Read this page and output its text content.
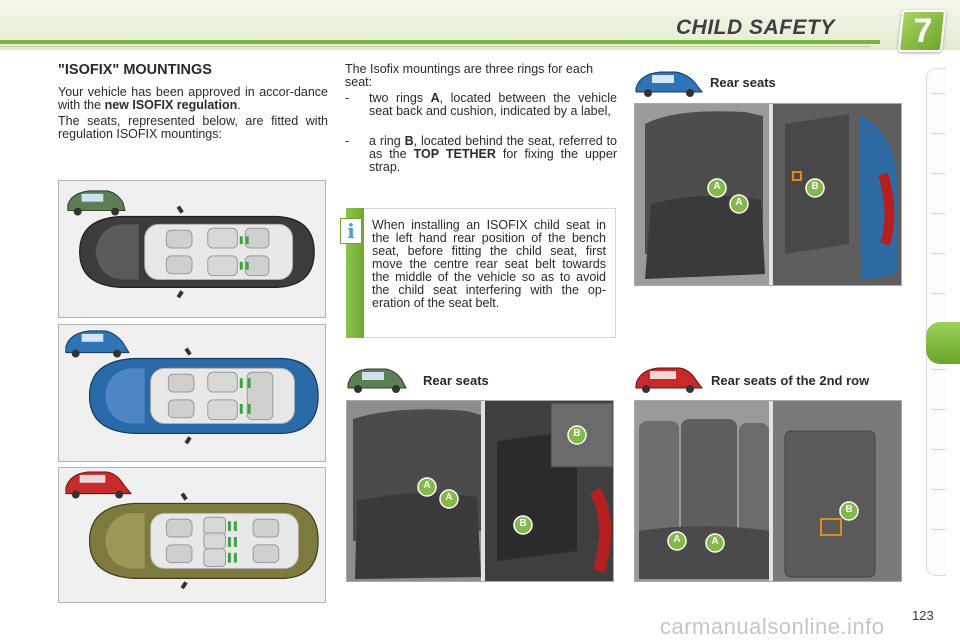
CHILD SAFETY 7
"ISOFIX" MOUNTINGS
Your vehicle has been approved in accor-dance with the new ISOFIX regulation.
The seats, represented below, are fitted with regulation ISOFIX mountings:
The Isofix mountings are three rings for each seat:
- two rings A, located between the vehicle seat back and cushion, indicated by a label,
- a ring B, located behind the seat, referred to as the TOP TETHER for fixing the upper strap.
i	When installing an ISOFIX child seat in the left hand rear position of the bench seat, before fitting the child seat, first move the centre rear seat belt towards the middle of the vehicle so as to avoid the child seat interfering with the op-eration of the seat belt.
Rear seats
A
A
B
Rear seats
A
A
B
B
Rear seats of the 2nd row
A	A
B
carmanualsonline.info 123
